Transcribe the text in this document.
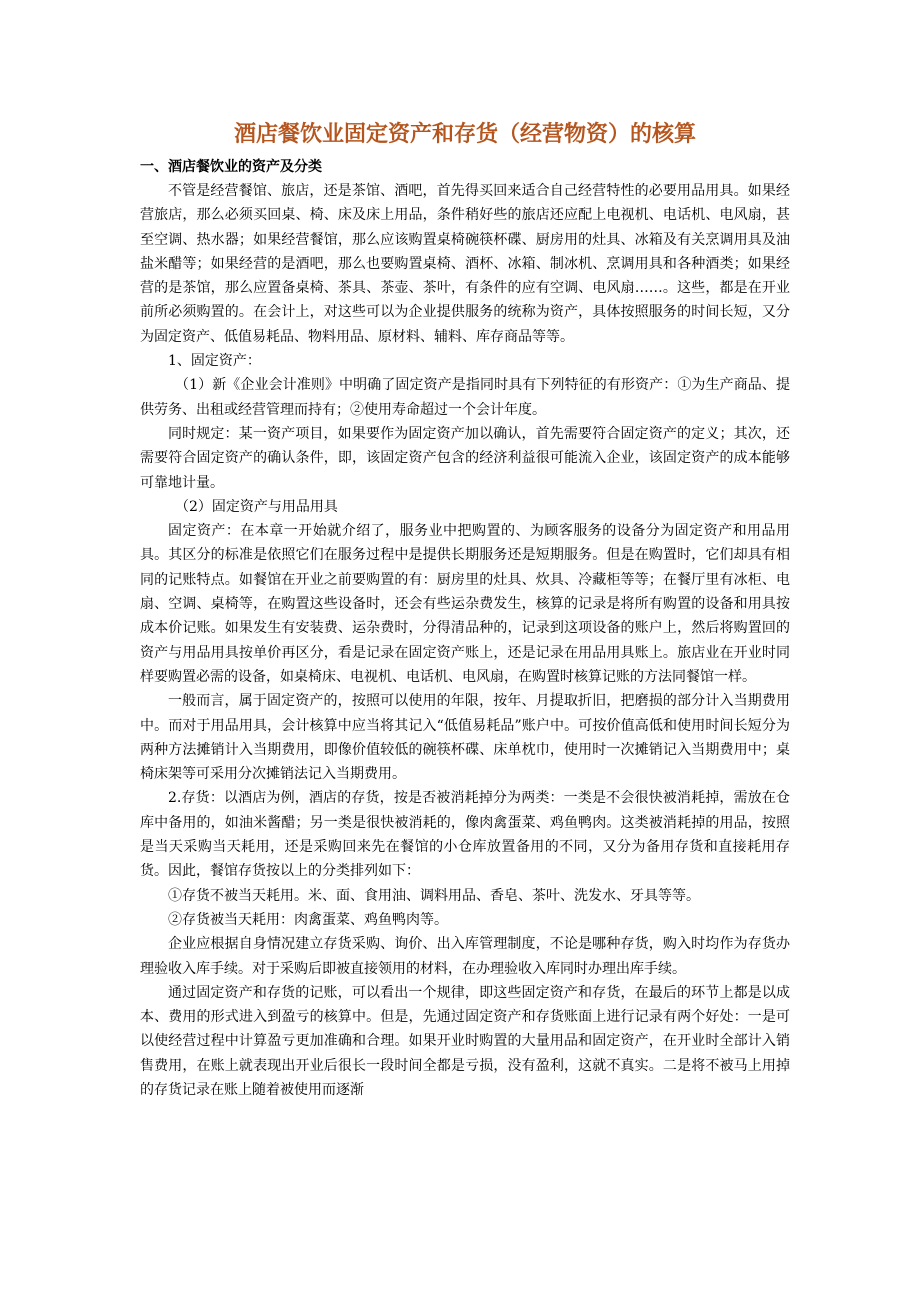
酒店餐饮业固定资产和存货（经营物资）的核算
一、酒店餐饮业的资产及分类

不管是经营餐馆、旅店，还是茶馆、酒吧，首先得买回来适合自己经营特性的必要用品用具。如果经营旅店，那么必须买回桌、椅、床及床上用品，条件稍好些的旅店还应配上电视机、电话机、电风扇，甚至空调、热水器；如果经营餐馆，那么应该购置桌椅碗筷杯碟、厨房用的灶具、冰箱及有关烹调用具及油盐米醋等；如果经营的是酒吧，那么也要购置桌椅、酒杯、冰箱、制冰机、烹调用具和各种酒类；如果经营的是茶馆，那么应置备桌椅、茶具、茶壶、茶叶，有条件的应有空调、电风扇……。这些，都是在开业前所必须购置的。在会计上，对这些可以为企业提供服务的统称为资产，具体按照服务的时间长短，又分为固定资产、低值易耗品、物料用品、原材料、辅料、库存商品等等。

1、固定资产：

（1）新《企业会计准则》中明确了固定资产是指同时具有下列特征的有形资产：①为生产商品、提供劳务、出租或经营管理而持有；②使用寿命超过一个会计年度。

同时规定：某一资产项目，如果要作为固定资产加以确认，首先需要符合固定资产的定义；其次，还需要符合固定资产的确认条件，即，该固定资产包含的经济利益很可能流入企业，该固定资产的成本能够可靠地计量。

（2）固定资产与用品用具

固定资产：在本章一开始就介绍了，服务业中把购置的、为顾客服务的设备分为固定资产和用品用具。其区分的标准是依照它们在服务过程中是提供长期服务还是短期服务。但是在购置时，它们却具有相同的记账特点。如餐馆在开业之前要购置的有：厨房里的灶具、炊具、冷藏柜等等；在餐厅里有冰柜、电扇、空调、桌椅等，在购置这些设备时，还会有些运杂费发生，核算的记录是将所有购置的设备和用具按成本价记账。如果发生有安装费、运杂费时，分得清品种的，记录到这项设备的账户上，然后将购置回的资产与用品用具按单价再区分，看是记录在固定资产账上，还是记录在用品用具账上。旅店业在开业时同样要购置必需的设备，如桌椅床、电视机、电话机、电风扇，在购置时核算记账的方法同餐馆一样。

一般而言，属于固定资产的，按照可以使用的年限，按年、月提取折旧，把磨损的部分计入当期费用中。而对于用品用具，会计核算中应当将其记入“低值易耗品”账户中。可按价值高低和使用时间长短分为两种方法摊销计入当期费用，即像价值较低的碗筷杯碟、床单枕巾，使用时一次摊销记入当期费用中；桌椅床架等可采用分次摊销法记入当期费用。

2.存货：以酒店为例，酒店的存货，按是否被消耗掉分为两类：一类是不会很快被消耗掉，需放在仓库中备用的，如油米酱醋；另一类是很快被消耗的，像肉禽蛋菜、鸡鱼鸭肉。这类被消耗掉的用品，按照是当天采购当天耗用，还是采购回来先在餐馆的小仓库放置备用的不同，又分为备用存货和直接耗用存货。因此，餐馆存货按以上的分类排列如下：

①存货不被当天耗用。米、面、食用油、调料用品、香皂、茶叶、洗发水、牙具等等。

②存货被当天耗用：肉禽蛋菜、鸡鱼鸭肉等。

企业应根据自身情况建立存货采购、询价、出入库管理制度，不论是哪种存货，购入时均作为存货办理验收入库手续。对于采购后即被直接领用的材料，在办理验收入库同时办理出库手续。

通过固定资产和存货的记账，可以看出一个规律，即这些固定资产和存货，在最后的环节上都是以成本、费用的形式进入到盈亏的核算中。但是，先通过固定资产和存货账面上进行记录有两个好处：一是可以使经营过程中计算盈亏更加准确和合理。如果开业时购置的大量用品和固定资产，在开业时全部计入销售费用，在账上就表现出开业后很长一段时间全都是亏损，没有盈利，这就不真实。二是将不被马上用掉的存货记录在账上随着被使用而逐渐
